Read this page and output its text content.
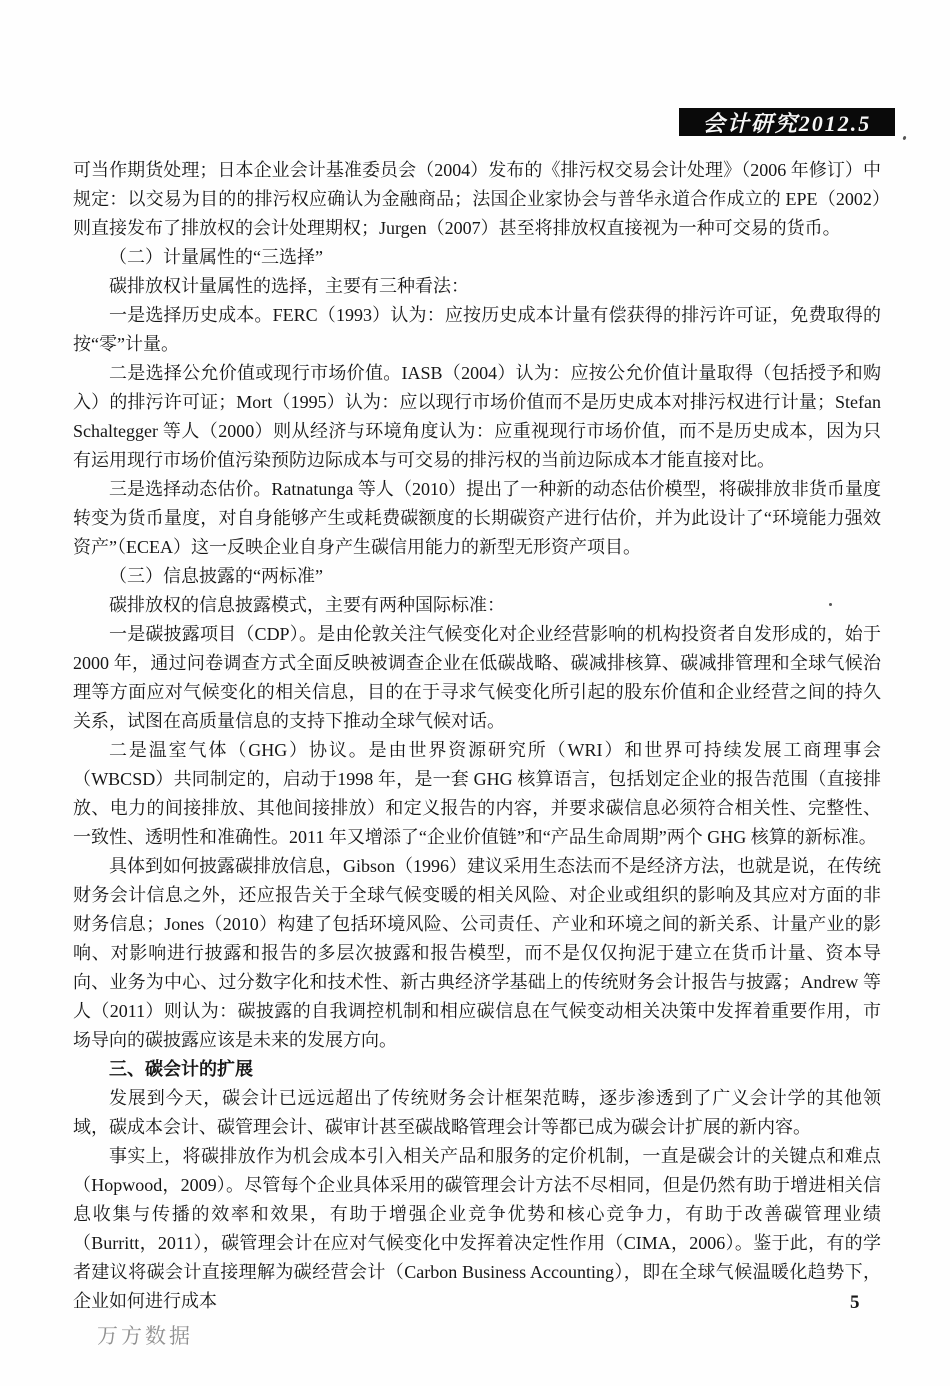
会计研究2012.5

可当作期货处理；日本企业会计基准委员会（2004）发布的《排污权交易会计处理》（2006 年修订）中规定：以交易为目的的排污权应确认为金融商品；法国企业家协会与普华永道合作成立的 EPE（2002）则直接发布了排放权的会计处理期权；Jurgen（2007）甚至将排放权直接视为一种可交易的货币。

（二）计量属性的“三选择”

碳排放权计量属性的选择，主要有三种看法：

一是选择历史成本。FERC（1993）认为：应按历史成本计量有偿获得的排污许可证，免费取得的按“零”计量。

二是选择公允价值或现行市场价值。IASB（2004）认为：应按公允价值计量取得（包括授予和购入）的排污许可证；Mort（1995）认为：应以现行市场价值而不是历史成本对排污权进行计量；Stefan Schaltegger 等人（2000）则从经济与环境角度认为：应重视现行市场价值，而不是历史成本，因为只有运用现行市场价值污染预防边际成本与可交易的排污权的当前边际成本才能直接对比。

三是选择动态估价。Ratnatunga 等人（2010）提出了一种新的动态估价模型，将碳排放非货币量度转变为货币量度，对自身能够产生或耗费碳额度的长期碳资产进行估价，并为此设计了“环境能力强效资产”（ECEA）这一反映企业自身产生碳信用能力的新型无形资产项目。

（三）信息披露的“两标准”

碳排放权的信息披露模式，主要有两种国际标准：

一是碳披露项目（CDP）。是由伦敦关注气候变化对企业经营影响的机构投资者自发形成的，始于2000 年，通过问卷调查方式全面反映被调查企业在低碳战略、碳减排核算、碳减排管理和全球气候治理等方面应对气候变化的相关信息，目的在于寻求气候变化所引起的股东价值和企业经营之间的持久关系，试图在高质量信息的支持下推动全球气候对话。

二是温室气体（GHG）协议。是由世界资源研究所（WRI）和世界可持续发展工商理事会（WBCSD）共同制定的，启动于1998 年，是一套 GHG 核算语言，包括划定企业的报告范围（直接排放、电力的间接排放、其他间接排放）和定义报告的内容，并要求碳信息必须符合相关性、完整性、一致性、透明性和准确性。2011 年又增添了“企业价值链”和“产品生命周期”两个 GHG 核算的新标准。

具体到如何披露碳排放信息，Gibson（1996）建议采用生态法而不是经济方法，也就是说，在传统财务会计信息之外，还应报告关于全球气候变暖的相关风险、对企业或组织的影响及其应对方面的非财务信息；Jones（2010）构建了包括环境风险、公司责任、产业和环境之间的新关系、计量产业的影响、对影响进行披露和报告的多层次披露和报告模型，而不是仅仅拘泥于建立在货币计量、资本导向、业务为中心、过分数字化和技术性、新古典经济学基础上的传统财务会计报告与披露；Andrew 等人（2011）则认为：碳披露的自我调控机制和相应碳信息在气候变动相关决策中发挥着重要作用，市场导向的碳披露应该是未来的发展方向。

三、碳会计的扩展

发展到今天，碳会计已远远超出了传统财务会计框架范畴，逐步渗透到了广义会计学的其他领域，碳成本会计、碳管理会计、碳审计甚至碳战略管理会计等都已成为碳会计扩展的新内容。

事实上，将碳排放作为机会成本引入相关产品和服务的定价机制，一直是碳会计的关键点和难点（Hopwood，2009）。尽管每个企业具体采用的碳管理会计方法不尽相同，但是仍然有助于增进相关信息收集与传播的效率和效果，有助于增强企业竞争优势和核心竞争力，有助于改善碳管理业绩（Burritt，2011），碳管理会计在应对气候变化中发挥着决定性作用（CIMA，2006）。鉴于此，有的学者建议将碳会计直接理解为碳经营会计（Carbon Business Accounting），即在全球气候温暖化趋势下，企业如何进行成本	5
万方数据
